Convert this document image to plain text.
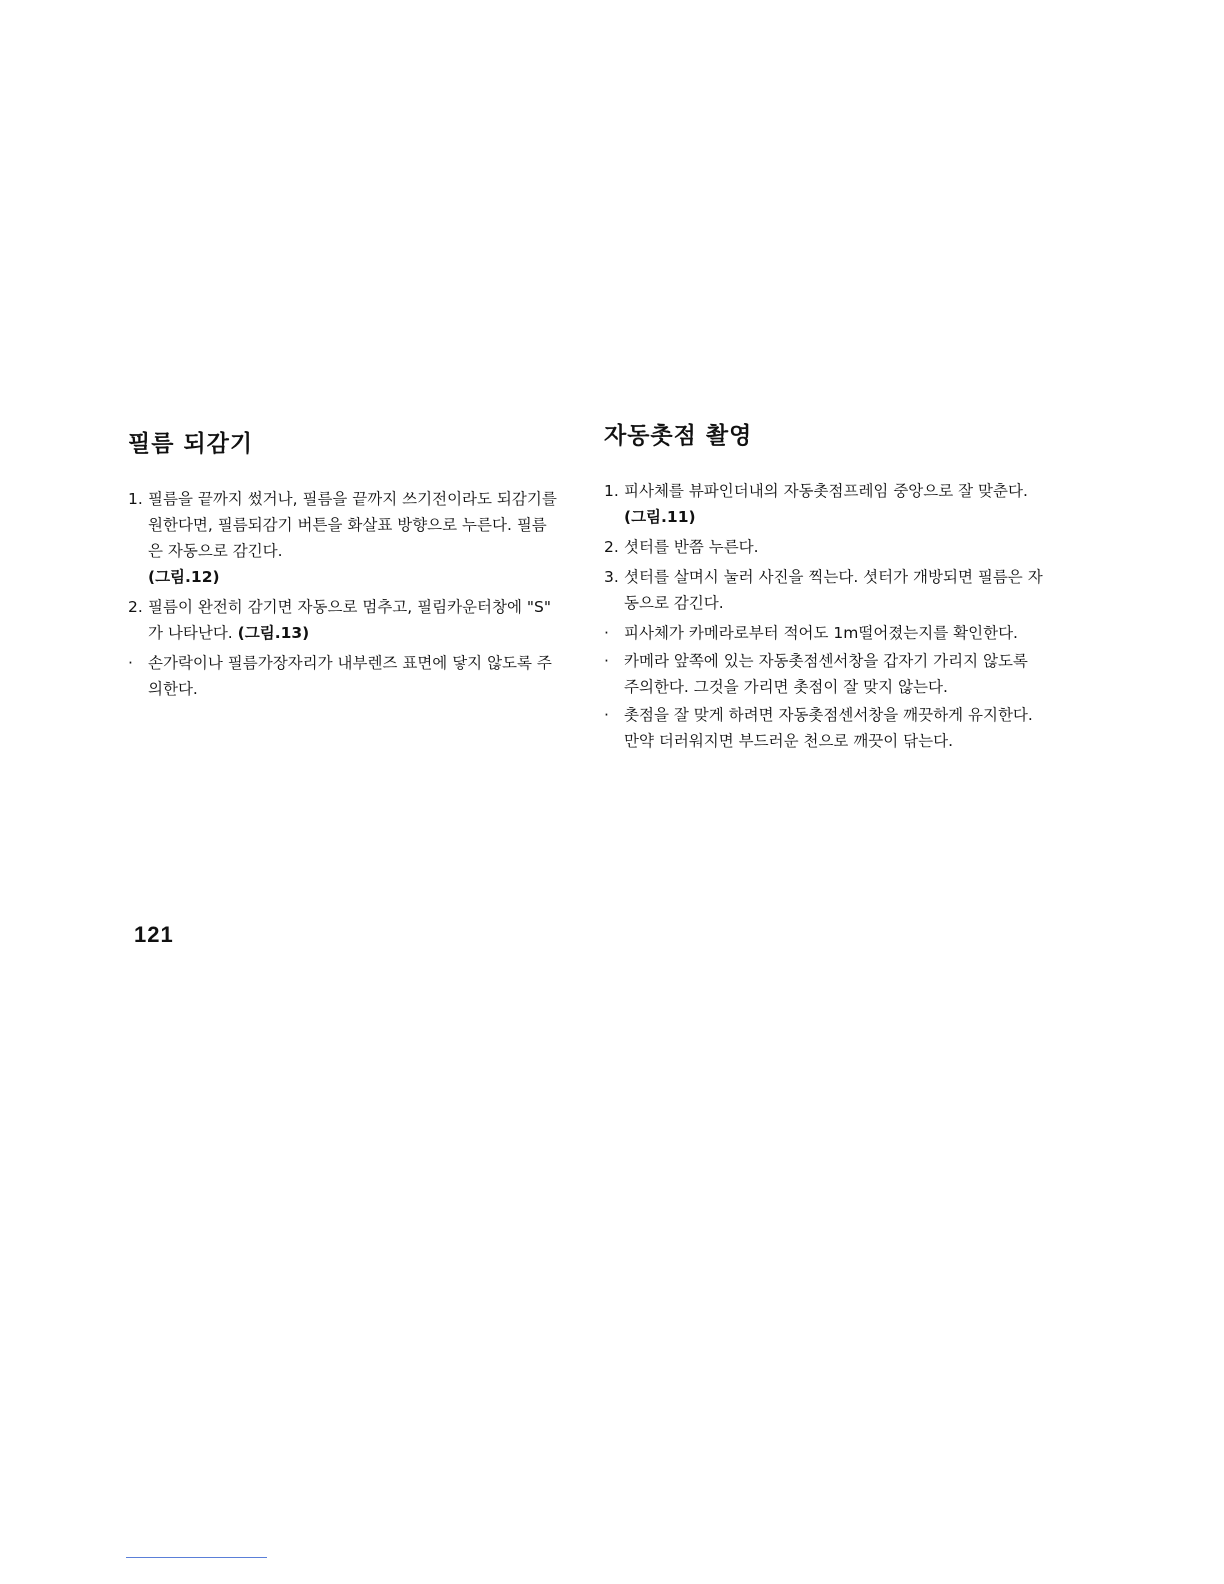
필름 되감기
1. 필름을 끝까지 썼거나, 필름을 끝까지 쓰기전이라도 되감기를 원한다면, 필름되감기 버튼을 화살표 방향으로 누른다. 필름은 자동으로 감긴다.
(그림.12)
2. 필름이 완전히 감기면 자동으로 멈추고, 필림카운터창에 "S" 가 나타난다. (그림.13)
· 손가락이나 필름가장자리가 내부렌즈 표면에 닿지 않도록 주의한다.
자동촛점 촬영
1. 피사체를 뷰파인더내의 자동촛점프레임 중앙으로 잘 맞춘다. (그림.11)
2. 셧터를 반쯤 누른다.
3. 셧터를 살며시 눌러 사진을 찍는다. 셧터가 개방되면 필름은 자동으로 감긴다.
· 피사체가 카메라로부터 적어도 1m떨어졌는지를 확인한다.
· 카메라 앞쪽에 있는 자동촛점센서창을 갑자기 가리지 않도록 주의한다. 그것을 가리면 촛점이 잘 맞지 않는다.
· 촛점을 잘 맞게 하려면 자동촛점센서창을 깨끗하게 유지한다. 만약 더러워지면 부드러운 천으로 깨끗이 닦는다.
121
